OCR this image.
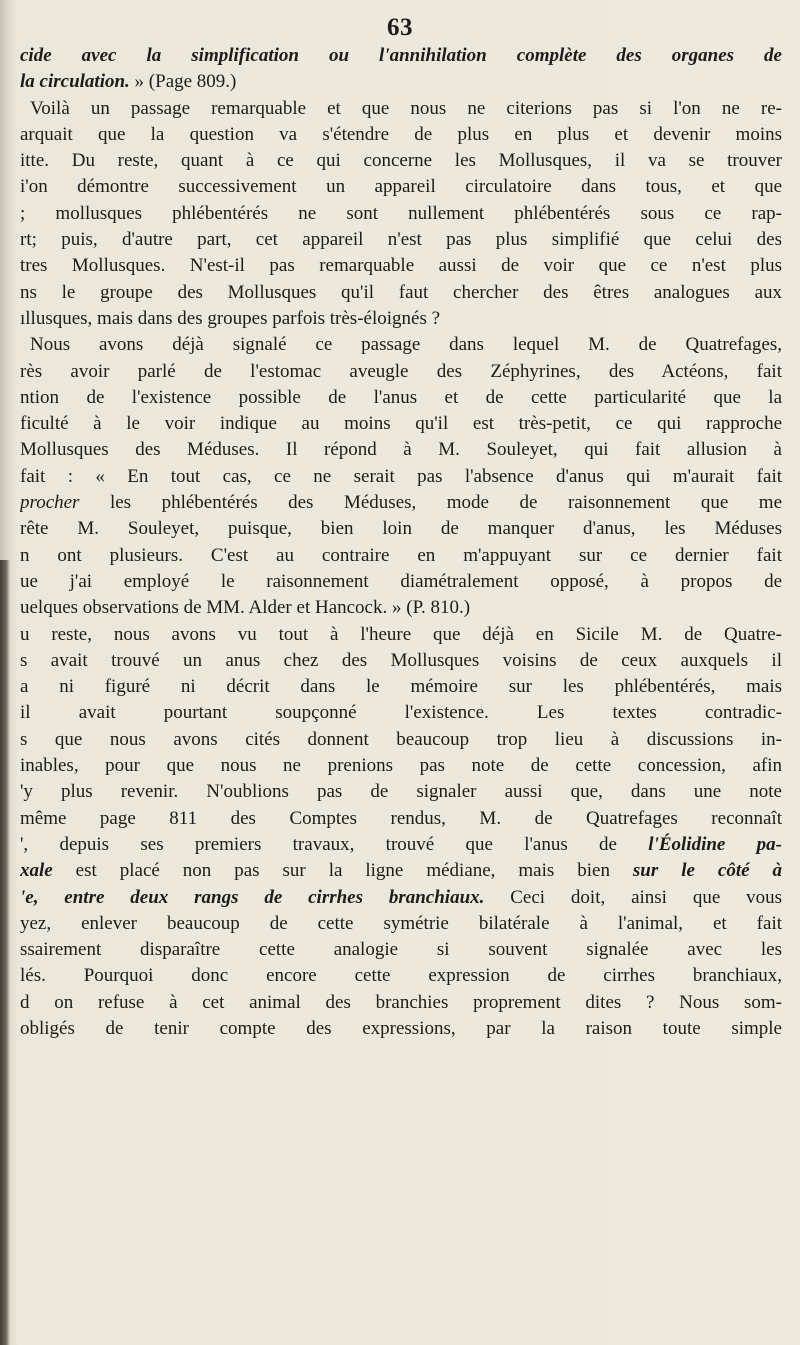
63
cide avec la simplification ou l'annihilation complète des organes de
la circulation. » (Page 809.)
Voilà un passage remarquable et que nous ne citerions pas si l'on ne re-
arquait que la question va s'étendre de plus en plus et devenir moins
itte. Du reste, quant à ce qui concerne les Mollusques, il va se trouver
i'on démontre successivement un appareil circulatoire dans tous, et que
; mollusques phlébentérés ne sont nullement phlébentérés sous ce rap-
rt; puis, d'autre part, cet appareil n'est pas plus simplifié que celui des
tres Mollusques. N'est-il pas remarquable aussi de voir que ce n'est plus
ns le groupe des Mollusques qu'il faut chercher des êtres analogues aux
ıllusques, mais dans des groupes parfois très-éloignés ?
Nous avons déjà signalé ce passage dans lequel M. de Quatrefages,
rès avoir parlé de l'estomac aveugle des Zéphyrines, des Actéons, fait
ntion de l'existence possible de l'anus et de cette particularité que la
ficulté à le voir indique au moins qu'il est très-petit, ce qui rapproche
Mollusques des Méduses. Il répond à M. Souleyet, qui fait allusion à
fait : « En tout cas, ce ne serait pas l'absence d'anus qui m'aurait fait
procher les phlébentérés des Méduses, mode de raisonnement que me
rête M. Souleyet, puisque, bien loin de manquer d'anus, les Méduses
n ont plusieurs. C'est au contraire en m'appuyant sur ce dernier fait
ue j'ai employé le raisonnement diamétralement opposé, à propos de
uelques observations de MM. Alder et Hancock. » (P. 810.)
u reste, nous avons vu tout à l'heure que déjà en Sicile M. de Quatre-
s avait trouvé un anus chez des Mollusques voisins de ceux auxquels il
a ni figuré ni décrit dans le mémoire sur les phlébentérés, mais
il avait pourtant soupçonné l'existence. Les textes contradic-
s que nous avons cités donnent beaucoup trop lieu à discussions in-
inables, pour que nous ne prenions pas note de cette concession, afin
'y plus revenir. N'oublions pas de signaler aussi que, dans une note
même page 811 des Comptes rendus, M. de Quatrefages reconnaît
', depuis ses premiers travaux, trouvé que l'anus de l'Éolidine pa-
xale est placé non pas sur la ligne médiane, mais bien sur le côté à
'e, entre deux rangs de cirrhes branchiaux. Ceci doit, ainsi que vous
yez, enlever beaucoup de cette symétrie bilatérale à l'animal, et fait
ssairement disparaître cette analogie si souvent signalée avec les
lés. Pourquoi donc encore cette expression de cirrhes branchiaux,
d on refuse à cet animal des branchies proprement dites ? Nous som-
obligés de tenir compte des expressions, par la raison toute simple
